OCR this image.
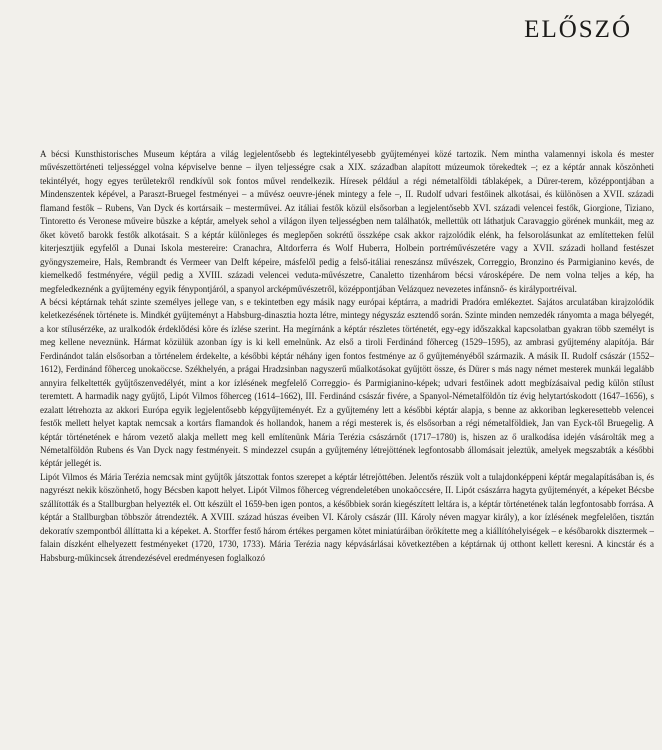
ELŐSZÓ

A bécsi Kunsthistorisches Museum képtára a világ legjelentősebb és legtekintélyesebb gyűjteményei közé tartozik. Nem mintha valamennyi iskola és mester művészettörténeti teljességgel volna képviselve benne – ilyen teljességre csak a XIX. században alapított múzeumok törekedtek –; ez a képtár annak köszönheti tekintélyét, hogy egyes területekről rendkívül sok fontos művel rendelkezik. Híresek például a régi németalföldi táblaképek, a Dürer-terem, középpontjában a Mindenszentek képével, a Paraszt-Bruegel festményei – a művész oeuvre-jének mintegy a fele –, II. Rudolf udvari festőinek alkotásai, és különösen a XVII. századi flamand festők – Rubens, Van Dyck és kortársaik – mesterművei. Az itáliai festők közül elsősorban a legjelentősebb XVI. századi velencei festők, Giorgione, Tiziano, Tintoretto és Veronese műveire büszke a képtár, amelyek sehol a világon ilyen teljességben nem találhatók, mellettük ott láthatjuk Caravaggio görének munkáit, meg az őket követő barokk festők alkotásait. S a képtár különleges és meglepően sokrétű összképe csak akkor rajzolódik elénk, ha felsorolásunkat az említetteken felül kiterjesztjük egyfelől a Dunai Iskola mestereire: Cranachra, Altdorferra és Wolf Huberra, Holbein portréművészetére vagy a XVII. századi holland festészet gyöngyszemeire, Hals, Rembrandt és Vermeer van Delft képeire, másfelől pedig a felső-itáliai reneszánsz művészek, Correggio, Bronzino és Parmigianino kevés, de kiemelkedő festményére, végül pedig a XVIII. századi velencei veduta-művészetre, Canaletto tizenhárom bécsi városképére. De nem volna teljes a kép, ha megfeledkeznénk a gyűjtemény egyik fénypontjáról, a spanyol arcképművészetről, középpontjában Velázquez nevezetes infánsnő- és királyportréival.

A bécsi képtárnak tehát szinte személyes jellege van, s e tekintetben egy másik nagy európai képtárra, a madridi Pradóra emlékeztet. Sajátos arculatában kirajzolódik keletkezésének története is. Mindkét gyűjteményt a Habsburg-dinasztia hozta létre, mintegy négyszáz esztendő során. Szinte minden nemzedék rányomta a maga bélyegét, a kor stílusérzéke, az uralkodók érdeklődési köre és ízlése szerint. Ha megírnánk a képtár részletes történetét, egy-egy időszakkal kapcsolatban gyakran több személyt is meg kellene neveznünk. Hármat közülük azonban így is ki kell emelnünk. Az első a tiroli Ferdinánd főherceg (1529–1595), az ambrasi gyűjtemény alapítója. Bár Ferdinándot talán elsősorban a történelem érdekelte, a későbbi képtár néhány igen fontos festménye az ő gyűjteményéből származik. A másik II. Rudolf császár (1552–1612), Ferdinánd főherceg unokaöccse. Székhelyén, a prágai Hradzsinban nagyszerű műalkotásokat gyűjtött össze, és Dürer s más nagy német mesterek munkái legalább annyira felkeltették gyűjtőszenvedélyét, mint a kor ízlésének megfelelő Correggio- és Parmigianino-képek; udvari festőinek adott megbízásaival pedig külön stílust teremtett. A harmadik nagy gyűjtő, Lipót Vilmos főherceg (1614–1662), III. Ferdinánd császár fivére, a Spanyol-Németalföldön tíz évig helytartóskodott (1647–1656), s ezalatt létrehozta az akkori Európa egyik legjelentősebb képgyűjteményét. Ez a gyűjtemény lett a későbbi képtár alapja, s benne az akkoriban legkeresettebb velencei festők mellett helyet kaptak nemcsak a kortárs flamandok és hollandok, hanem a régi mesterek is, és elsősorban a régi németalföldiek, Jan van Eyck-től Bruegelig. A képtár történetének e három vezető alakja mellett meg kell említenünk Mária Terézia császárnőt (1717–1780) is, hiszen az ő uralkodása idején vásárolták meg a Németalföldön Rubens és Van Dyck nagy festményeit. S mindezzel csupán a gyűjtemény létrejöttének legfontosabb állomásait jeleztük, amelyek megszabták a későbbi képtár jellegét is.

Lipót Vilmos és Mária Terézia nemcsak mint gyűjtők játszottak fontos szerepet a képtár létrejöttében. Jelentős részük volt a tulajdonképpeni képtár megalapításában is, és nagyrészt nekik köszönhető, hogy Bécsben kapott helyet. Lipót Vilmos főherceg végrendeletében unokaöccsére, II. Lipót császárra hagyta gyűjteményét, a képeket Bécsbe szállították és a Stallburgban helyezték el. Ott készült el 1659-ben igen pontos, a későbbiek során kiegészített leltára is, a képtár történetének talán legfontosabb forrása. A képtár a Stallburgban többször átrendezték. A XVIII. század húszas éveiben VI. Károly császár (III. Károly néven magyar király), a kor ízlésének megfelelően, tisztán dekoratív szempontból állíttatta ki a képeket. A. Storffer festő három értékes pergamen kötet miniatúráiban örökítette meg a kiállítóhelyiségek – e későbarokk disztermek – falain díszként elhelyezett festményeket (1720, 1730, 1733). Mária Terézia nagy képvásárlásai következtében a képtárnak új otthont kellett keresni. A kincstár és a Habsburg-műkincsek átrendezésével eredményesen foglalkozó
